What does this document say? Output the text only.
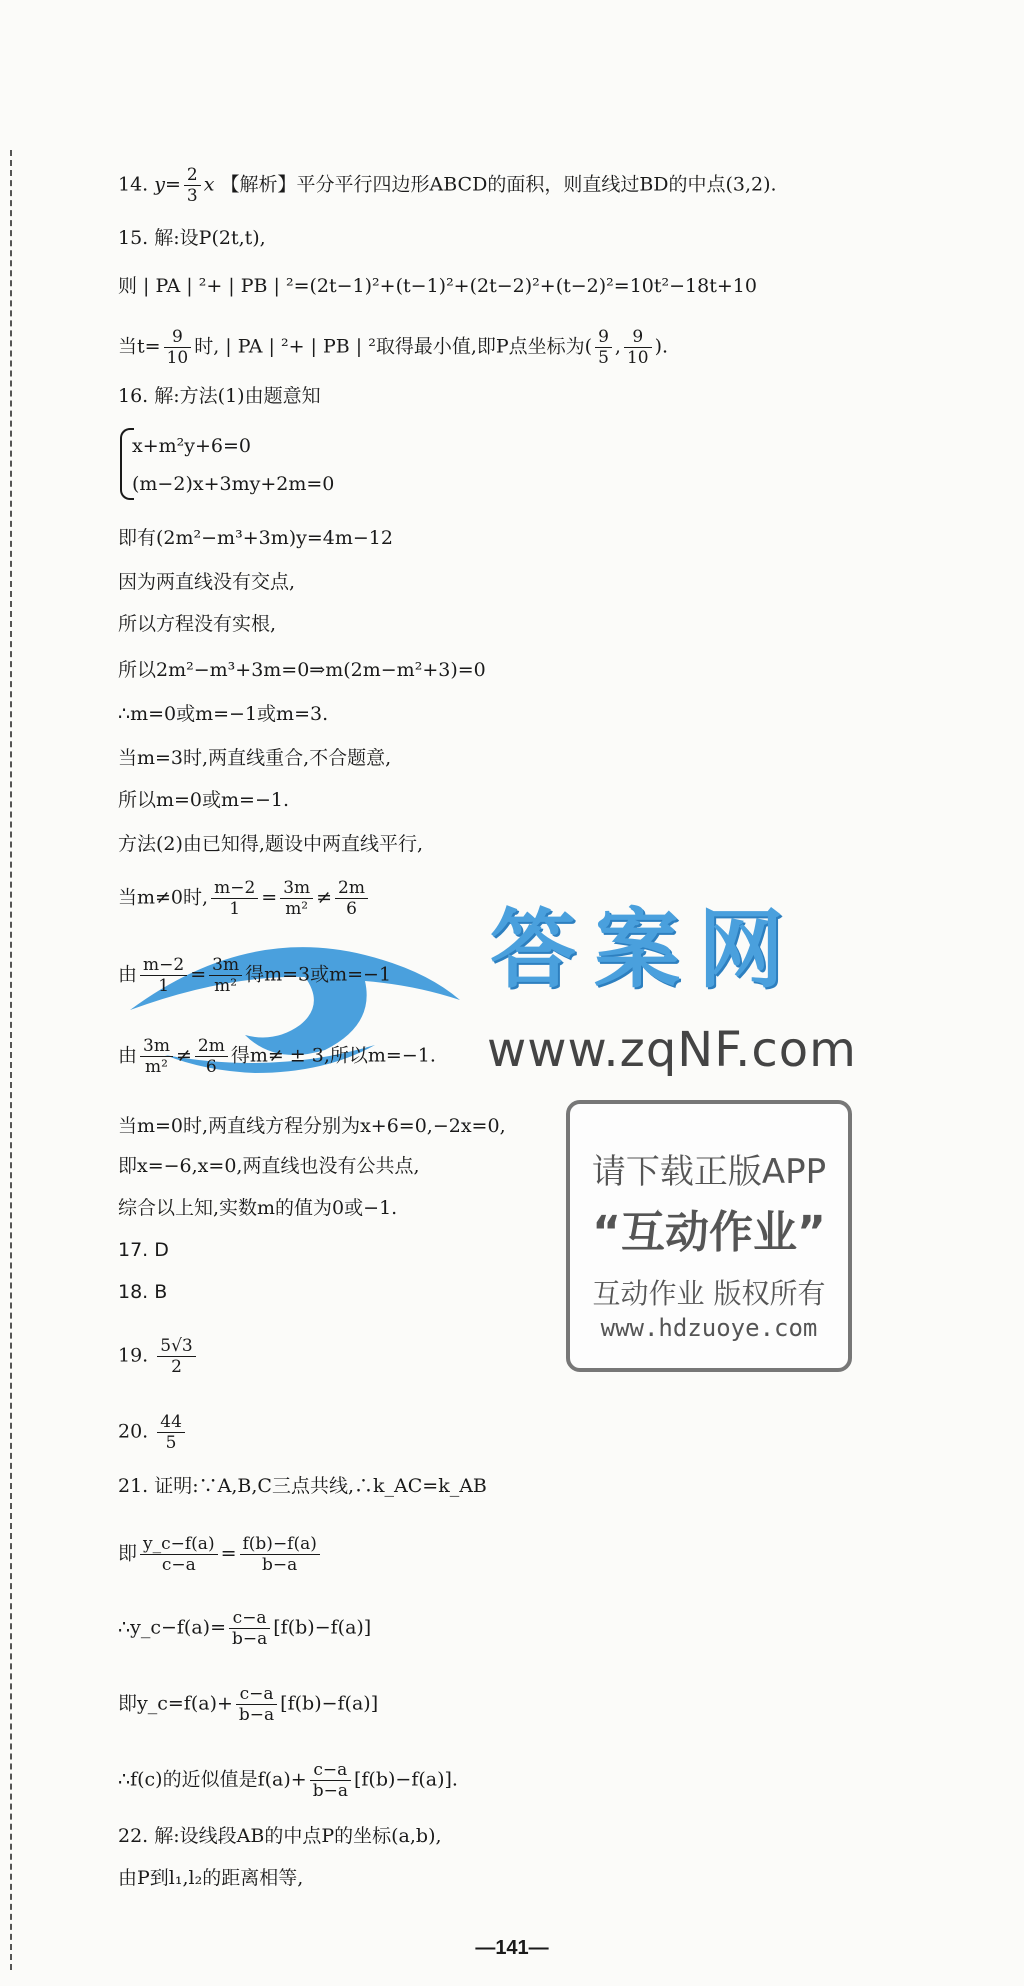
答案网
www.zqNF.com
请下载正版APP
“互动作业”
互动作业 版权所有
www.hdzuoye.com
14. $y= \frac{2}{3}$ x 【解析】平分平行四边形ABCD的面积，则直线过BD的中点(3,2).
15. 解:设P(2t,t),
则 | PA | ²+ | PB | ²=(2t−1)²+(t−1)²+(2t−2)²+(t−2)²=10t²−18t+10
当$t= \frac{9}{10}$ 时, | PA | ²+ | PB | ²取得最小值,即P点坐标为( $\frac{9}{5}$ , $\frac{9}{10}$ ).
16. 解:方法(1)由题意知
x+m²y+6=0
(m−2)x+3my+2m=0
即有(2m²−m³+3m)y=4m−12
因为两直线没有交点,
所以方程没有实根,
所以2m²−m³+3m=0⇒m(2m−m²+3)=0
∴m=0或m=−1或m=3.
当m=3时,两直线重合,不合题意,
所以m=0或m=−1.
方法(2)由已知得,题设中两直线平行,
当m≠0时, $\frac{m-2}{1} = \frac{3m}{\text{m²}} \ne \frac{2m}{6}$
由 $\frac{m-2}{1} = \frac{3m}{\text{m²}}$ 得m=3或m=−1
由 $\frac{3m}{\text{m²}} \ne \frac{2m}{6}$ 得m≠ ± 3,所以m=−1.
当m=0时,两直线方程分别为x+6=0,−2x=0,
即x=−6,x=0,两直线也没有公共点,
综合以上知,实数m的值为0或−1.
17. D
18. B
19. $\frac{5√3}{2}$
20. $\frac{44}{5}$
21. 证明:∵A,B,C三点共线,∴k_AC=k_AB
即 $\frac{y\_c-f(a)}{c-a} = \frac{f(b)-f(a)}{b-a}$
∴y_c−f(a)= $\frac{c-a}{b-a} [f(b)-f(a)]$
即y_c=f(a)+ $\frac{c-a}{b-a} [f(b)-f(a)]$
∴f(c)的近似值是$f(a)+ \frac{c-a}{b-a} [f(b)-f(a)]$.
22. 解:设线段AB的中点P的坐标(a,b),
由P到l₁,l₂的距离相等,
—141—
